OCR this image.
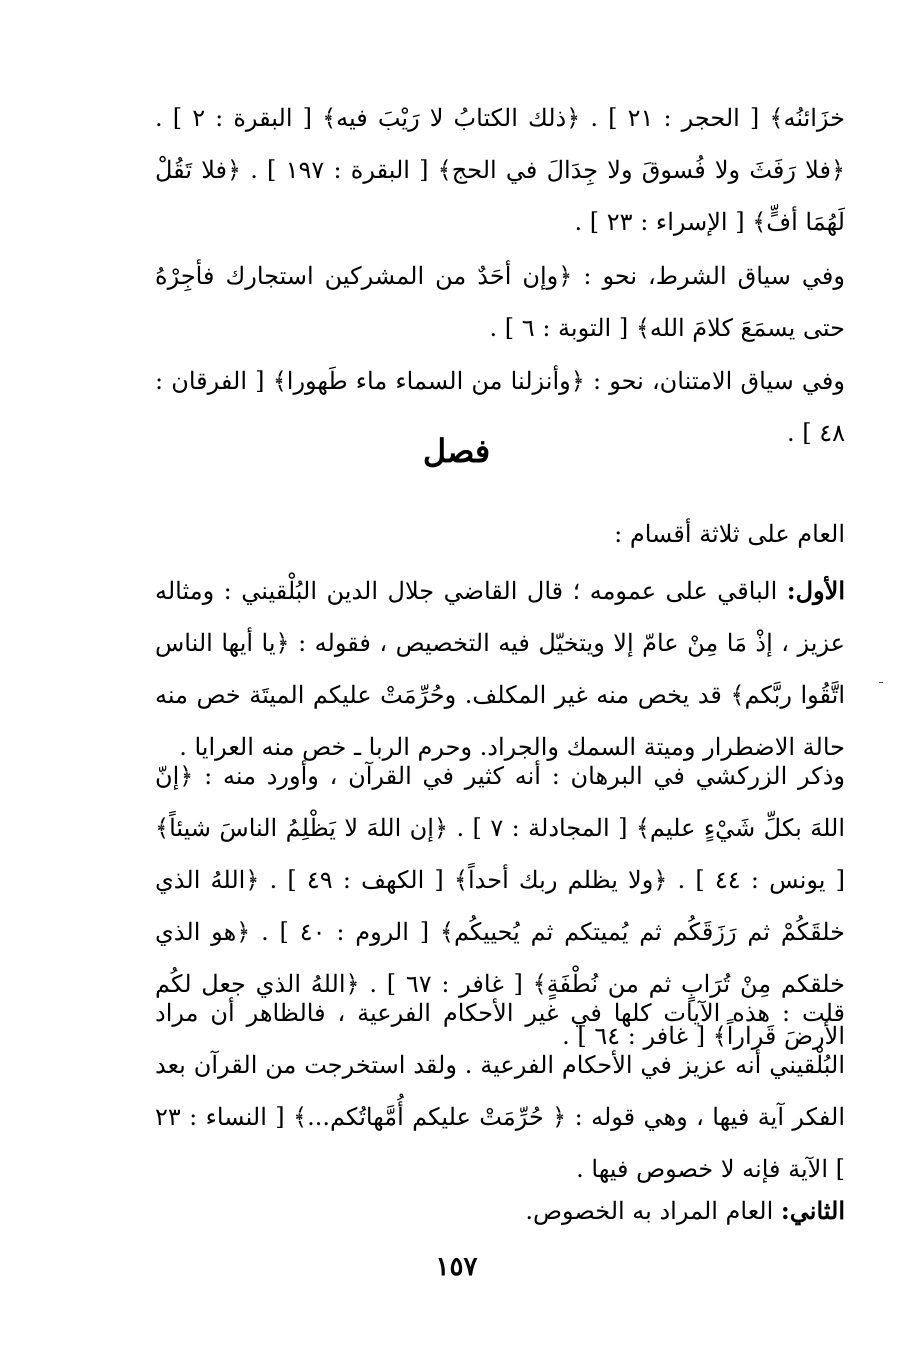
خزَائنُه﴾ [ الحجر : ٢١ ] . ﴿ذلك الكتابُ لا رَيْبَ فيه﴾ [ البقرة : ٢ ] . ﴿فلا رَفَثَ ولا فُسوقَ ولا جِدَالَ في الحج﴾ [ البقرة : ١٩٧ ] . ﴿فلا تَقُلْ لَهُمَا أفٍّ﴾ [ الإسراء : ٢٣ ] .

وفي سياق الشرط، نحو : ﴿وإن أحَدٌ من المشركين استجارك فأجِرْهُ حتى يسمَعَ كلامَ الله﴾ [ التوبة : ٦ ] .

وفي سياق الامتنان، نحو : ﴿وأنزلنا من السماء ماء طَهورا﴾ [ الفرقان : ٤٨ ] .

فصل

العام على ثلاثة أقسام :

الأول: الباقي على عمومه ؛ قال القاضي جلال الدين البُلْقيني : ومثاله عزيز ، إذْ مَا مِنْ عامّ إلا ويتخيّل فيه التخصيص ، فقوله : ﴿يا أيها الناس اتَّقُوا ربَّكم﴾ قد يخص منه غير المكلف. وحُرِّمَتْ عليكم الميتَة خص منه حالة الاضطرار وميتة السمك والجراد. وحرم الربا ـ خص منه العرايا .

وذكر الزركشي في البرهان : أنه كثير في القرآن ، وأورد منه : ﴿إنّ اللهَ بكلِّ شَيْءٍ عليم﴾ [ المجادلة : ٧ ] . ﴿إن اللهَ لا يَظْلِمُ الناسَ شيئاً﴾ [ يونس : ٤٤ ] . ﴿ولا يظلم ربك أحداً﴾ [ الكهف : ٤٩ ] . ﴿اللهُ الذي خلقَكُمْ ثم رَزَقَكُم ثم يُميتكم ثم يُحييكُم﴾ [ الروم : ٤٠ ] . ﴿هو الذي خلقكم مِنْ تُرَابٍ ثم من نُطْفَةٍ﴾ [ غافر : ٦٧ ] . ﴿اللهُ الذي جعل لكُم الأرضَ قَراراً﴾ [ غافر : ٦٤ ] .

قلت : هذه الآيات كلها في غير الأحكام الفرعية ، فالظاهر أن مراد البُلْقيني أنه عزيز في الأحكام الفرعية . ولقد استخرجت من القرآن بعد الفكر آية فيها ، وهي قوله : ﴿ حُرِّمَتْ عليكم أُمَّهاتُكم...﴾ [ النساء : ٢٣ ] الآية فإنه لا خصوص فيها .

الثاني: العام المراد به الخصوص.

١٥٧
